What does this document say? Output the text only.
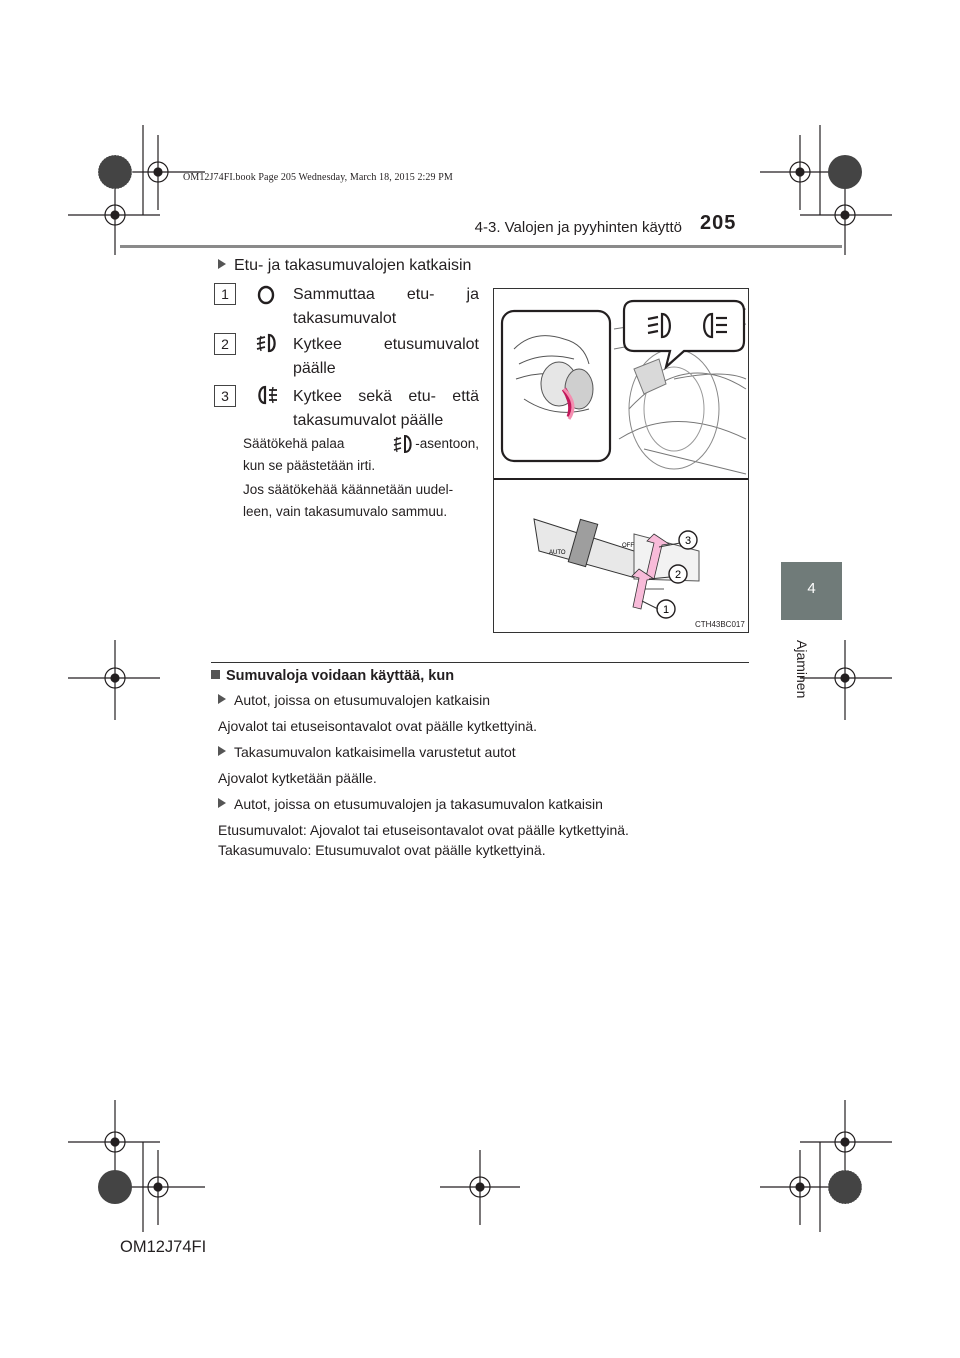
OM12J74FI.book Page 205 Wednesday, March 18, 2015 2:29 PM
4-3. Valojen ja pyyhinten käyttö 205
4
Ajaminen
Etu- ja takasumuvalojen katkaisin
1	Sammuttaa etu- ja
takasumuvalot
2	Kytkee etusumuvalot
päälle
3	Kytkee sekä etu- että
takasumuvalot päälle
Säätökehä palaa	-asentoon,
kun se päästetään irti.
Jos säätökehää käännetään uudel-
leen, vain takasumuvalo sammuu.
AUTO
OFF	3
2
1
CTH43BC017
Sumuvaloja voidaan käyttää, kun
Autot, joissa on etusumuvalojen katkaisin
Ajovalot tai etuseisontavalot ovat päälle kytkettyinä.
Takasumuvalon katkaisimella varustetut autot
Ajovalot kytketään päälle.
Autot, joissa on etusumuvalojen ja takasumuvalon katkaisin
Etusumuvalot: Ajovalot tai etuseisontavalot ovat päälle kytkettyinä.
Takasumuvalo: Etusumuvalot ovat päälle kytkettyinä.
OM12J74FI
